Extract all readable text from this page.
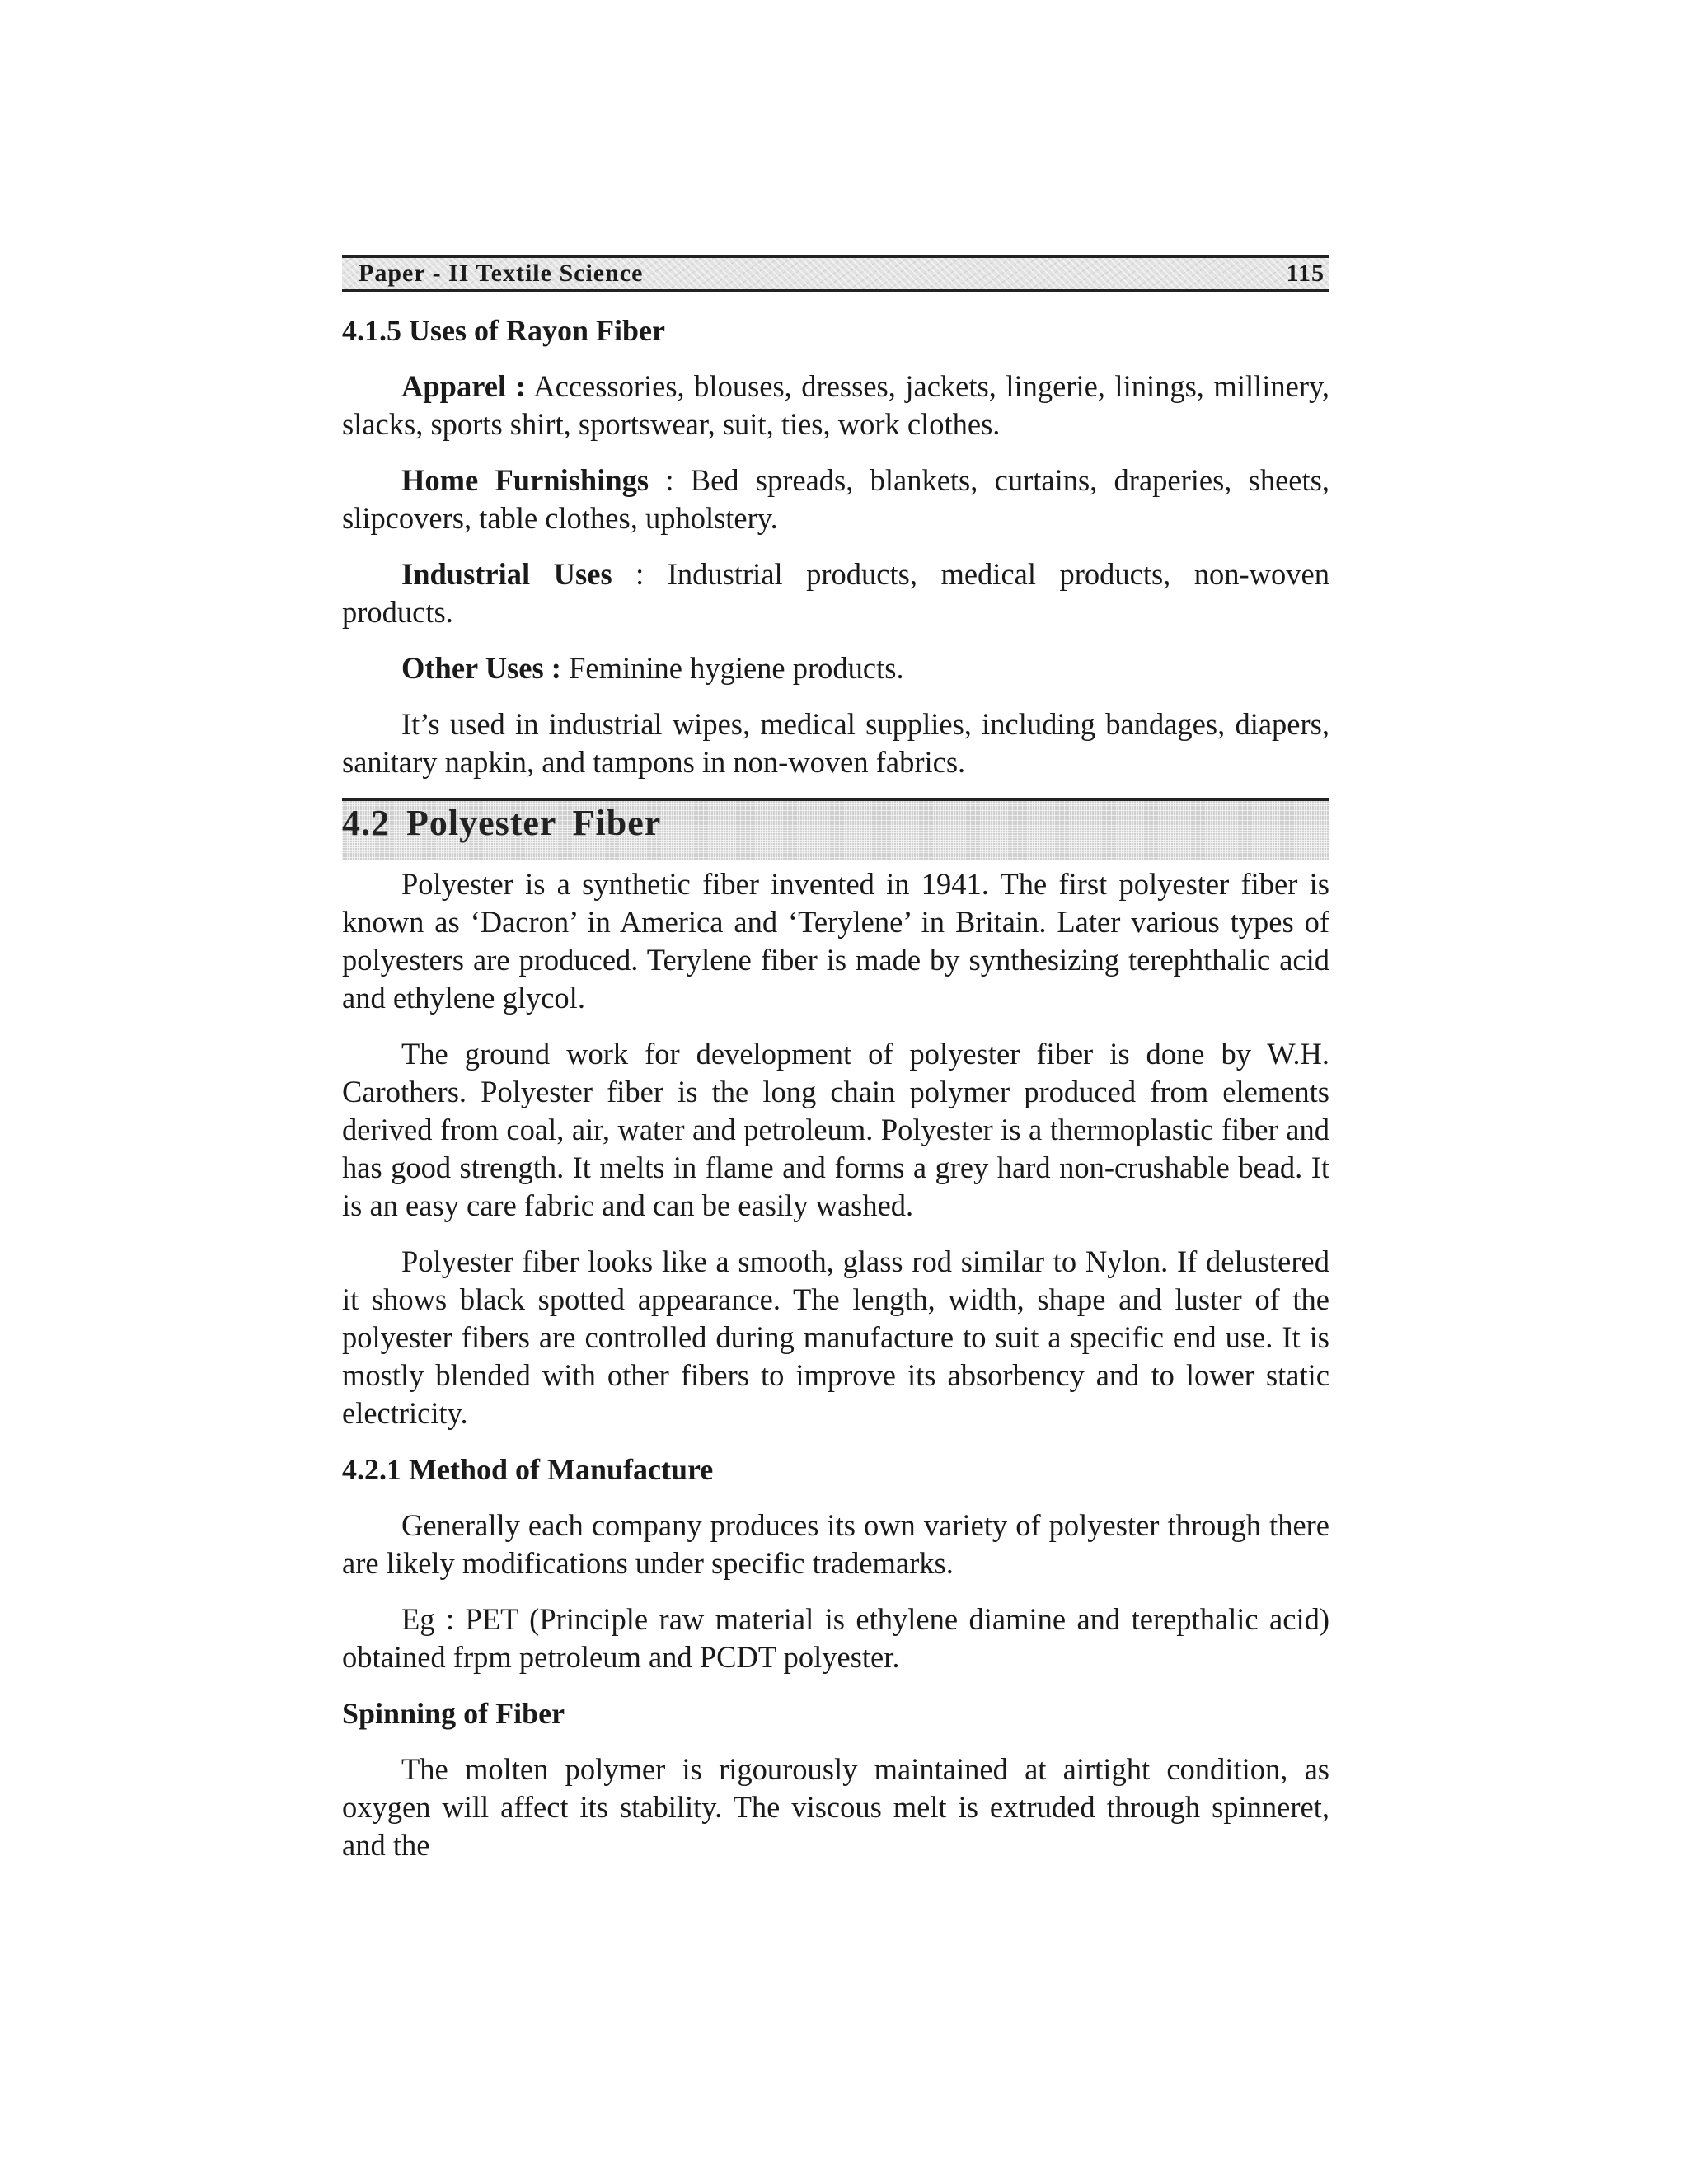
Paper - II Textile Science	115
4.1.5 Uses of Rayon Fiber

Apparel : Accessories, blouses, dresses, jackets, lingerie, linings, millinery, slacks, sports shirt, sportswear, suit, ties, work clothes.

Home Furnishings : Bed spreads, blankets, curtains, draperies, sheets, slipcovers, table clothes, upholstery.

Industrial Uses : Industrial products, medical products, non-woven products.

Other Uses : Feminine hygiene products.

It’s used in industrial wipes, medical supplies, including bandages, diapers, sanitary napkin, and tampons in non-woven fabrics.

4.2 Polyester Fiber

Polyester is a synthetic fiber invented in 1941. The first polyester fiber is known as ‘Dacron’ in America and ‘Terylene’ in Britain. Later various types of polyesters are produced. Terylene fiber is made by synthesizing terephthalic acid and ethylene glycol.

The ground work for development of polyester fiber is done by W.H. Carothers. Polyester fiber is the long chain polymer produced from elements derived from coal, air, water and petroleum. Polyester is a thermoplastic fiber and has good strength. It melts in flame and forms a grey hard non-crushable bead. It is an easy care fabric and can be easily washed.

Polyester fiber looks like a smooth, glass rod similar to Nylon. If delustered it shows black spotted appearance. The length, width, shape and luster of the polyester fibers are controlled during manufacture to suit a specific end use. It is mostly blended with other fibers to improve its absorbency and to lower static electricity.

4.2.1 Method of Manufacture

Generally each company produces its own variety of polyester through there are likely modifications under specific trademarks.

Eg : PET (Principle raw material is ethylene diamine and terepthalic acid) obtained frpm petroleum and PCDT polyester.

Spinning of Fiber

The molten polymer is rigourously maintained at airtight condition, as oxygen will affect its stability. The viscous melt is extruded through spinneret, and the
